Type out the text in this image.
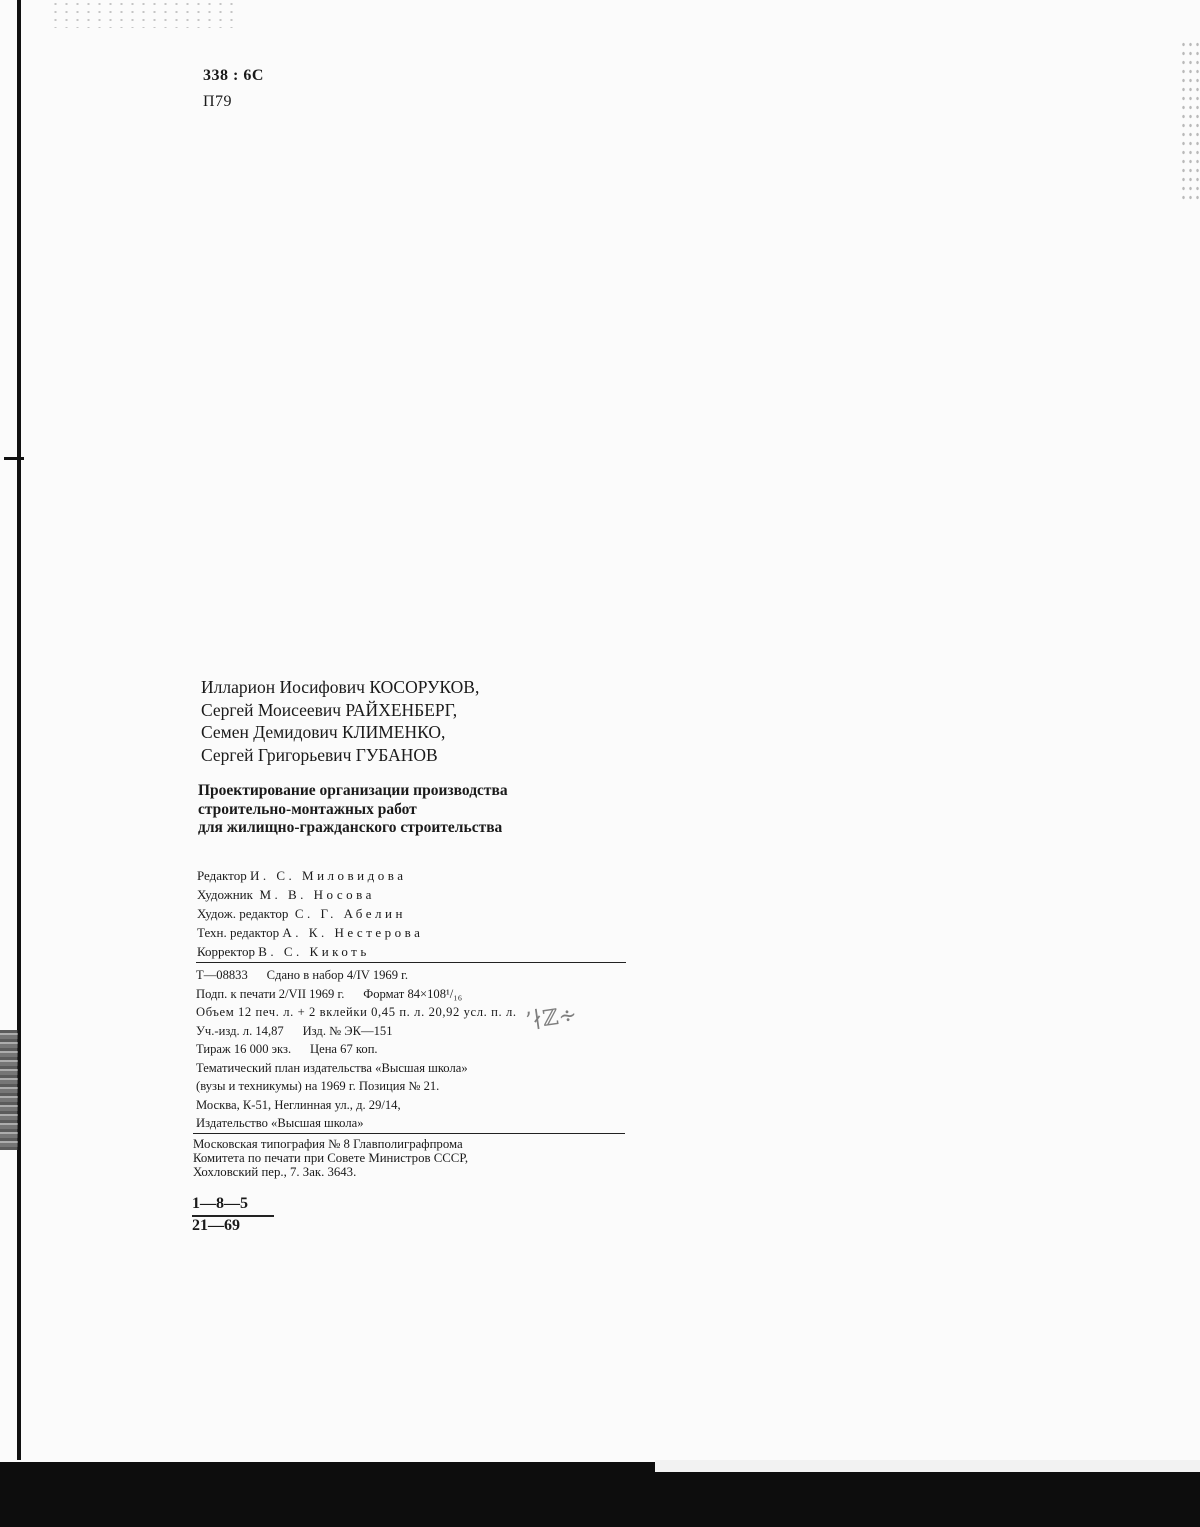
338 : 6С
П79
Илларион Иосифович КОСОРУКОВ,
Сергей Моисеевич РАЙХЕНБЕРГ,
Семен Демидович КЛИМЕНКО,
Сергей Григорьевич ГУБАНОВ
Проектирование организации производства
строительно-монтажных работ
для жилищно-гражданского строительства
Редактор И. С. Миловидова
Художник М. В. Носова
Худож. редактор С. Г. Абелин
Техн. редактор А. К. Нестерова
Корректор В. С. Кикоть
Т—08833      Сдано в набор 4/IV 1969 г.
Подп. к печати 2/VII 1969 г.      Формат 84×108¹/₁₆
Объем 12 печ. л. + 2 вклейки 0,45 п. л. 20,92 усл. п. л.
Уч.-изд. л. 14,87      Изд. № ЭК—151
Тираж 16 000 экз.      Цена 67 коп.
Тематический план издательства «Высшая школа»
(вузы и техникумы) на 1969 г. Позиция № 21.
Москва, К-51, Неглинная ул., д. 29/14,
Издательство «Высшая школа»
ʼ∤ℤ∻
Московская типография № 8 Главполиграфпрома
Комитета по печати при Совете Министров СССР,
Хохловский пер., 7. Зак. 3643.
1—8—5
21—69
